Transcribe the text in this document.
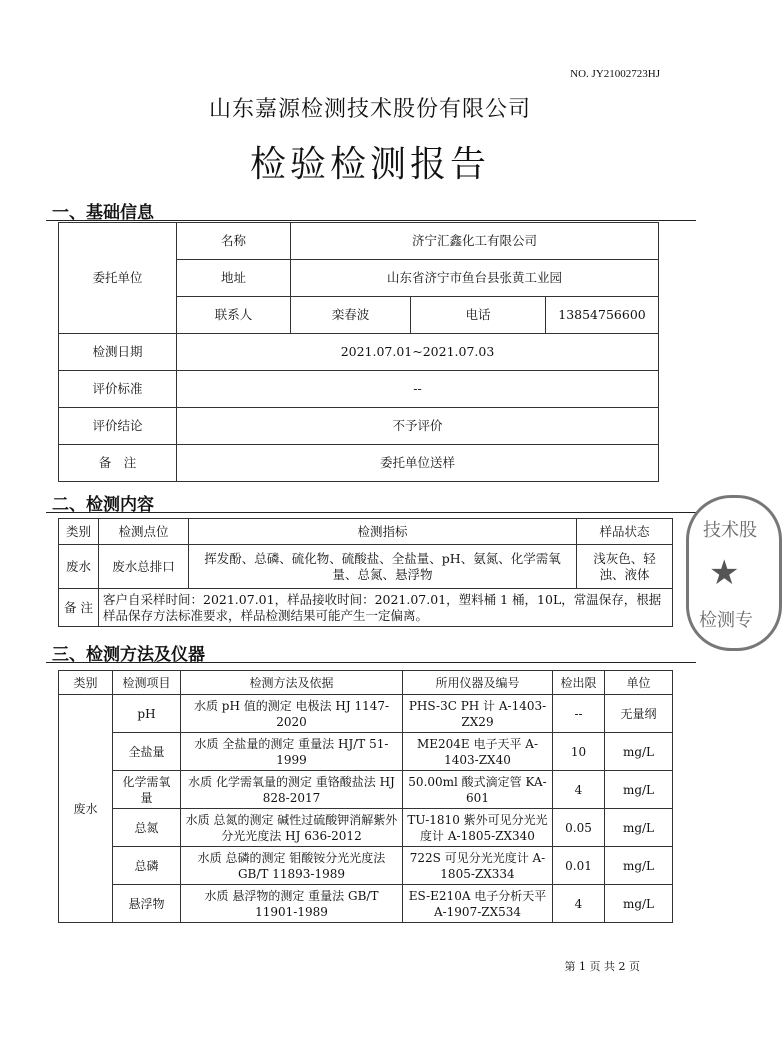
NO. JY21002723HJ
山东嘉源检测技术股份有限公司
检验检测报告
一、基础信息
委托单位	名称	济宁汇鑫化工有限公司		
	地址	山东省济宁市鱼台县张黄工业园		
	联系人	栾春波	电话	13854756600
检测日期	2021.07.01~2021.07.03			
评价标准	--			
评价结论	不予评价			
备　注	委托单位送样			
二、检测内容
类别	检测点位	检测指标	样品状态
废水	废水总排口	挥发酚、总磷、硫化物、硫酸盐、全盐量、pH、氨氮、化学需氧量、总氮、悬浮物	浅灰色、轻浊、液体
备 注	客户自采样时间：2021.07.01，样品接收时间：2021.07.01，塑料桶 1 桶，10L，常温保存，根据样品保存方法标准要求，样品检测结果可能产生一定偏离。		
三、检测方法及仪器
类别	检测项目	检测方法及依据	所用仪器及编号	检出限	单位
废水	pH	水质 pH 值的测定 电极法 HJ 1147-2020	PHS-3C PH 计 A-1403-ZX29	--	无量纲
	全盐量	水质 全盐量的测定 重量法 HJ/T 51-1999	ME204E 电子天平 A-1403-ZX40	10	mg/L
	化学需氧量	水质 化学需氧量的测定 重铬酸盐法 HJ 828-2017	50.00ml 酸式滴定管 KA-601	4	mg/L
	总氮	水质 总氮的测定 碱性过硫酸钾消解紫外分光光度法 HJ 636-2012	TU-1810 紫外可见分光光度计 A-1805-ZX340	0.05	mg/L
	总磷	水质 总磷的测定 钼酸铵分光光度法 GB/T 11893-1989	722S 可见分光光度计 A-1805-ZX334	0.01	mg/L
	悬浮物	水质 悬浮物的测定 重量法 GB/T 11901-1989	ES-E210A 电子分析天平 A-1907-ZX534	4	mg/L
技术股
★
检测专
第 1 页 共 2 页
